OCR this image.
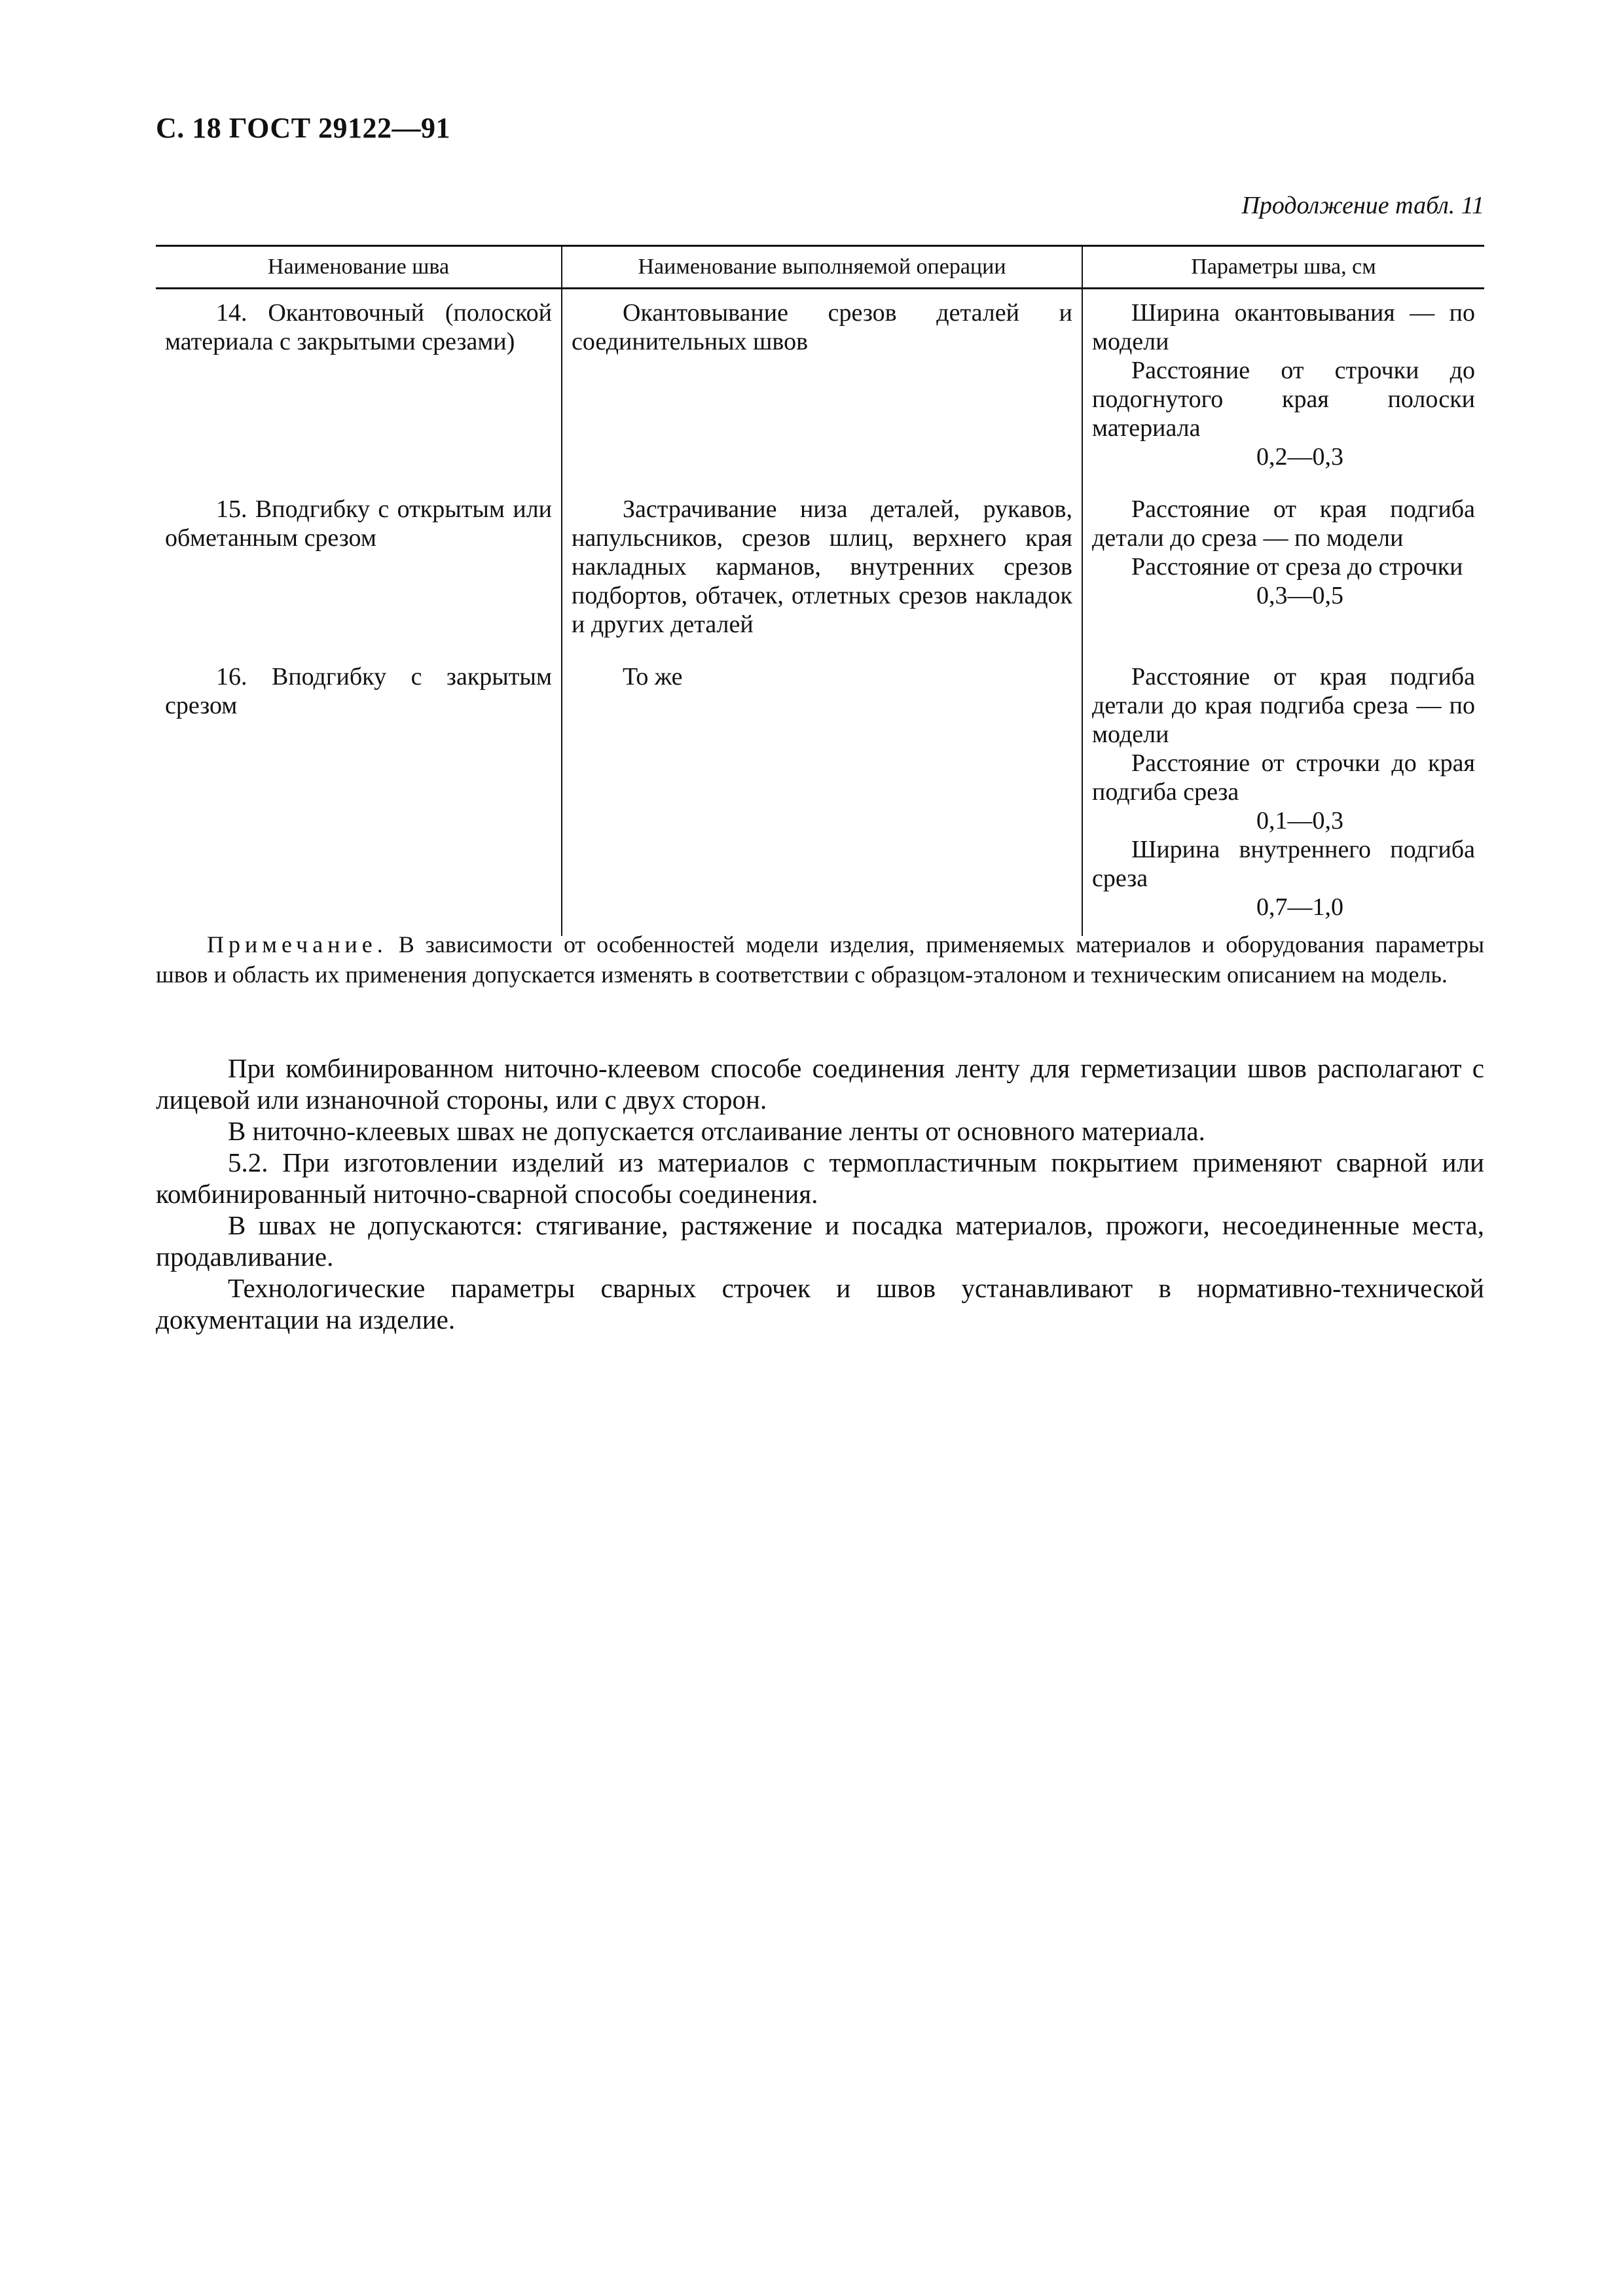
С. 18 ГОСТ 29122—91
Продолжение табл. 11
Наименование шва	Наименование выполняемой операции	Параметры шва, см

14. Окантовочный (полоской материала с закрытыми срезами)	Окантовывание срезов деталей и соединительных швов	Ширина окантовывания — по модели

Расстояние от строчки до подогнутого края полоски материала

0,2—0,3

15. Вподгибку с открытым или обметанным срезом	Застрачивание низа деталей, рукавов, напульсников, срезов шлиц, верхнего края накладных карманов, внутренних срезов подбортов, обтачек, отлетных срезов накладок и других деталей	Расстояние от края подгиба детали до среза — по модели

Расстояние от среза до строчки

0,3—0,5

16. Вподгибку с закрытым срезом	То же	Расстояние от края подгиба детали до края подгиба среза — по модели

Расстояние от строчки до края подгиба среза

0,1—0,3

Ширина внутреннего подгиба среза

0,7—1,0

Примечание. В зависимости от особенностей модели изделия, применяемых материалов и оборудования параметры швов и область их применения допускается изменять в соответствии с образцом-эталоном и техническим описанием на модель.

При комбинированном ниточно-клеевом способе соединения ленту для герметизации швов располагают с лицевой или изнаночной стороны, или с двух сторон.

В ниточно-клеевых швах не допускается отслаивание ленты от основного материала.

5.2. При изготовлении изделий из материалов с термопластичным покрытием применяют сварной или комбинированный ниточно-сварной способы соединения.

В швах не допускаются: стягивание, растяжение и посадка материалов, прожоги, несоединенные места, продавливание.

Технологические параметры сварных строчек и швов устанавливают в нормативно-технической документации на изделие.
